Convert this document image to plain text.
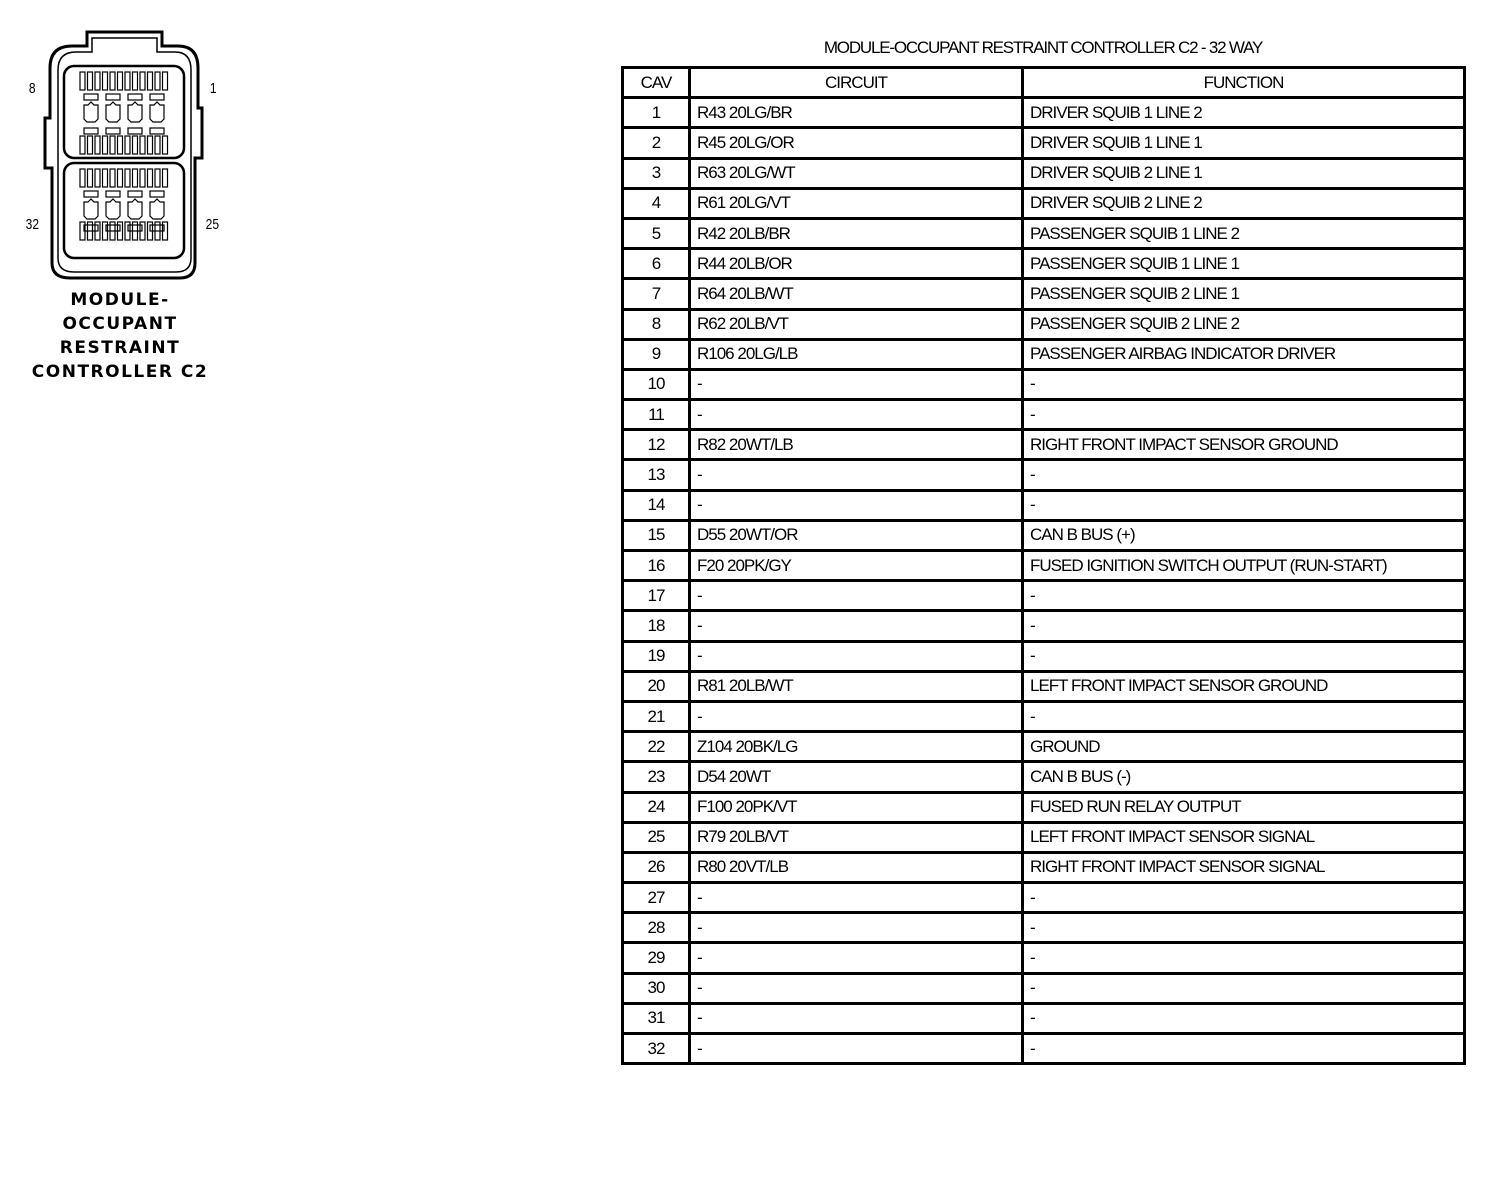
8	1
32	25
MODULE-
OCCUPANT
RESTRAINT
CONTROLLER C2
MODULE-OCCUPANT RESTRAINT CONTROLLER C2 - 32 WAY
CAV	CIRCUIT	FUNCTION
1	R43 20LG/BR	DRIVER SQUIB 1 LINE 2
2	R45 20LG/OR	DRIVER SQUIB 1 LINE 1
3	R63 20LG/WT	DRIVER SQUIB 2 LINE 1
4	R61 20LG/VT	DRIVER SQUIB 2 LINE 2
5	R42 20LB/BR	PASSENGER SQUIB 1 LINE 2
6	R44 20LB/OR	PASSENGER SQUIB 1 LINE 1
7	R64 20LB/WT	PASSENGER SQUIB 2 LINE 1
8	R62 20LB/VT	PASSENGER SQUIB 2 LINE 2
9	R106 20LG/LB	PASSENGER AIRBAG INDICATOR DRIVER
10	-	-
11	-	-
12	R82 20WT/LB	RIGHT FRONT IMPACT SENSOR GROUND
13	-	-
14	-	-
15	D55 20WT/OR	CAN B BUS (+)
16	F20 20PK/GY	FUSED IGNITION SWITCH OUTPUT (RUN-START)
17	-	-
18	-	-
19	-	-
20	R81 20LB/WT	LEFT FRONT IMPACT SENSOR GROUND
21	-	-
22	Z104 20BK/LG	GROUND
23	D54 20WT	CAN B BUS (-)
24	F100 20PK/VT	FUSED RUN RELAY OUTPUT
25	R79 20LB/VT	LEFT FRONT IMPACT SENSOR SIGNAL
26	R80 20VT/LB	RIGHT FRONT IMPACT SENSOR SIGNAL
27	-	-
28	-	-
29	-	-
30	-	-
31	-	-
32	-	-
